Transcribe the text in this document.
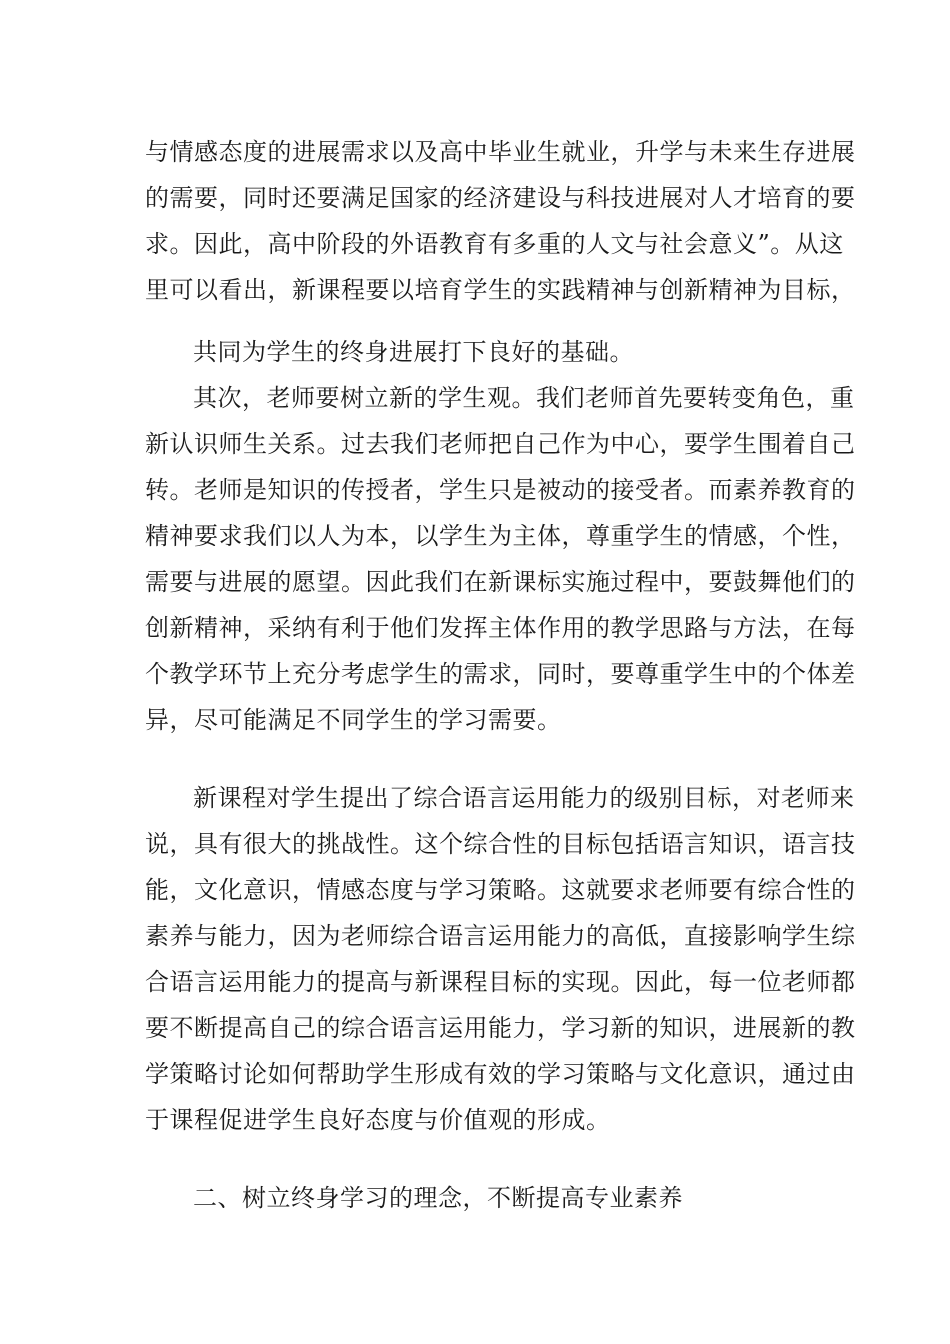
与情感态度的进展需求以及高中毕业生就业，升学与未来生存进展
的需要，同时还要满足国家的经济建设与科技进展对人才培育的要
求。因此，高中阶段的外语教育有多重的人文与社会意义”。从这
里可以看出，新课程要以培育学生的实践精神与创新精神为目标，
共同为学生的终身进展打下良好的基础。
其次，老师要树立新的学生观。我们老师首先要转变角色，重
新认识师生关系。过去我们老师把自己作为中心，要学生围着自己
转。老师是知识的传授者，学生只是被动的接受者。而素养教育的
精神要求我们以人为本，以学生为主体，尊重学生的情感，个性，
需要与进展的愿望。因此我们在新课标实施过程中，要鼓舞他们的
创新精神，采纳有利于他们发挥主体作用的教学思路与方法，在每
个教学环节上充分考虑学生的需求，同时，要尊重学生中的个体差
异，尽可能满足不同学生的学习需要。
新课程对学生提出了综合语言运用能力的级别目标，对老师来
说，具有很大的挑战性。这个综合性的目标包括语言知识，语言技
能，文化意识，情感态度与学习策略。这就要求老师要有综合性的
素养与能力，因为老师综合语言运用能力的高低，直接影响学生综
合语言运用能力的提高与新课程目标的实现。因此，每一位老师都
要不断提高自己的综合语言运用能力，学习新的知识，进展新的教
学策略讨论如何帮助学生形成有效的学习策略与文化意识，通过由
于课程促进学生良好态度与价值观的形成。
二、树立终身学习的理念，不断提高专业素养
